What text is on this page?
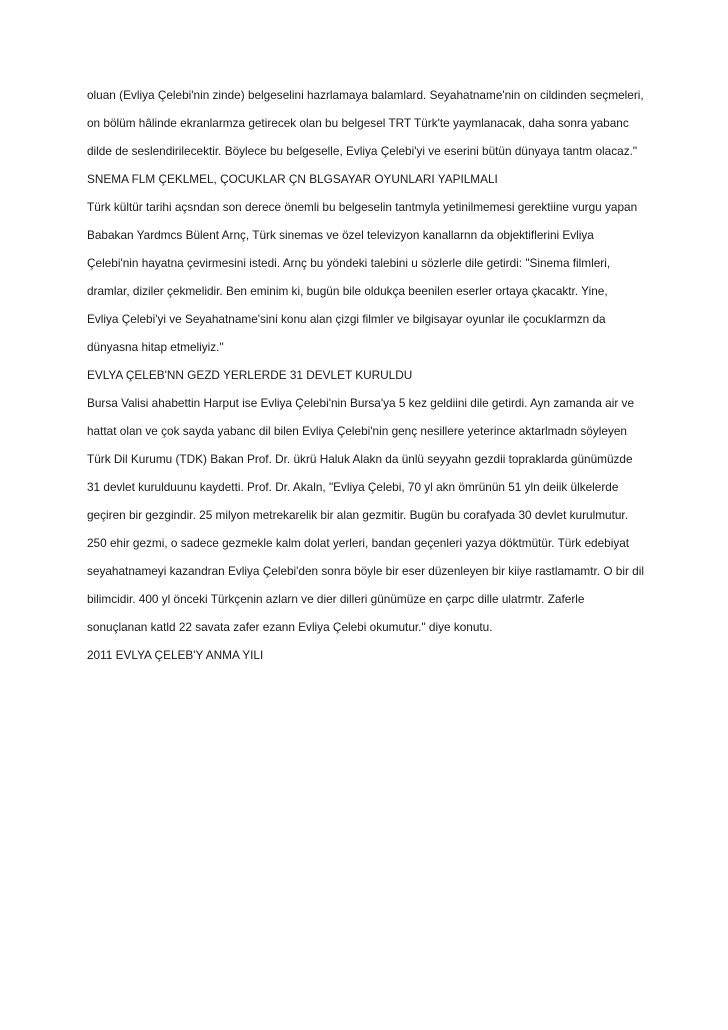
oluan (Evliya Çelebi'nin zinde) belgeselini hazrlamaya balamlard. Seyahatname'nin on cildinden seçmeleri,

on bölüm hâlinde ekranlarmza getirecek olan bu belgesel TRT Türk'te yaymlanacak, daha sonra yabanc

dilde de seslendirilecektir. Böylece bu belgeselle, Evliya Çelebi'yi ve eserini bütün dünyaya tantm olacaz."

SNEMA FLM ÇEKLMEL, ÇOCUKLAR ÇN BLGSAYAR OYUNLARI YAPILMALI

Türk kültür tarihi açsndan son derece önemli bu belgeselin tantmyla yetinilmemesi gerektiine vurgu yapan

Babakan Yardmcs Bülent Arnç, Türk sinemas ve özel televizyon kanallarnn da objektiflerini Evliya

Çelebi'nin hayatna çevirmesini istedi. Arnç bu yöndeki talebini u sözlerle dile getirdi: "Sinema filmleri,

dramlar, diziler çekmelidir. Ben eminim ki, bugün bile oldukça beenilen eserler ortaya çkacaktr. Yine,

Evliya Çelebi'yi ve Seyahatname'sini konu alan çizgi filmler ve bilgisayar oyunlar ile çocuklarmzn da

dünyasna hitap etmeliyiz."

EVLYA ÇELEB'NN GEZD YERLERDE 31 DEVLET KURULDU

Bursa Valisi ahabettin Harput ise Evliya Çelebi'nin Bursa'ya 5 kez geldiini dile getirdi. Ayn zamanda air ve

hattat olan ve çok sayda yabanc dil bilen Evliya Çelebi'nin genç nesillere yeterince aktarlmadn söyleyen

Türk Dil Kurumu (TDK) Bakan Prof. Dr. ükrü Haluk Alakn da ünlü seyyahn gezdii topraklarda günümüzde

31 devlet kurulduunu kaydetti. Prof. Dr. Akaln, "Evliya Çelebi, 70 yl akn ömrünün 51 yln deiik ülkelerde

geçiren bir gezgindir. 25 milyon metrekarelik bir alan gezmitir. Bugün bu corafyada 30 devlet kurulmutur.

250 ehir gezmi, o sadece gezmekle kalm dolat yerleri, bandan geçenleri yazya döktmütür. Türk edebiyat

seyahatnameyi kazandran Evliya Çelebi'den sonra böyle bir eser düzenleyen bir kiiye rastlamamtr. O bir dil

bilimcidir. 400 yl önceki Türkçenin azlarn ve dier dilleri günümüze en çarpc dille ulatrmtr. Zaferle

sonuçlanan katld 22 savata zafer ezann Evliya Çelebi okumutur." diye konutu.

2011 EVLYA ÇELEB'Y ANMA YILI
